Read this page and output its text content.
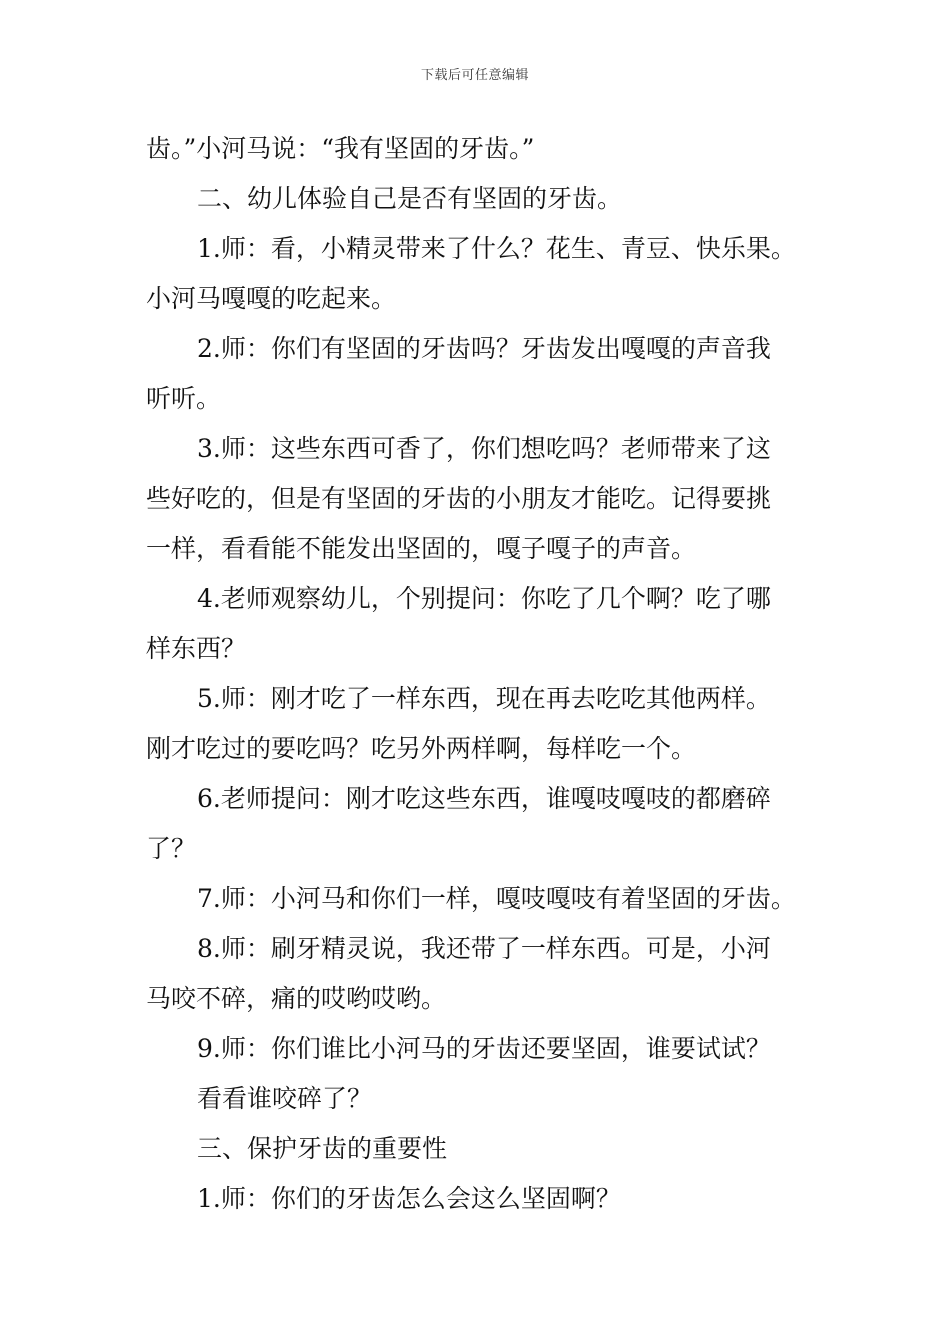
下载后可任意编辑
齿。”小河马说：“我有坚固的牙齿。”
二、幼儿体验自己是否有坚固的牙齿。
1.师：看，小精灵带来了什么？花生、青豆、快乐果。
小河马嘎嘎的吃起来。
2.师：你们有坚固的牙齿吗？牙齿发出嘎嘎的声音我
听听。
3.师：这些东西可香了，你们想吃吗？老师带来了这
些好吃的，但是有坚固的牙齿的小朋友才能吃。记得要挑
一样，看看能不能发出坚固的，嘎子嘎子的声音。
4.老师观察幼儿，个别提问：你吃了几个啊？吃了哪
样东西？
5.师：刚才吃了一样东西，现在再去吃吃其他两样。
刚才吃过的要吃吗？吃另外两样啊，每样吃一个。
6.老师提问：刚才吃这些东西，谁嘎吱嘎吱的都磨碎
了？
7.师：小河马和你们一样，嘎吱嘎吱有着坚固的牙齿。
8.师：刷牙精灵说，我还带了一样东西。可是，小河
马咬不碎，痛的哎哟哎哟。
9.师：你们谁比小河马的牙齿还要坚固，谁要试试？
看看谁咬碎了？
三、保护牙齿的重要性
1.师：你们的牙齿怎么会这么坚固啊？
